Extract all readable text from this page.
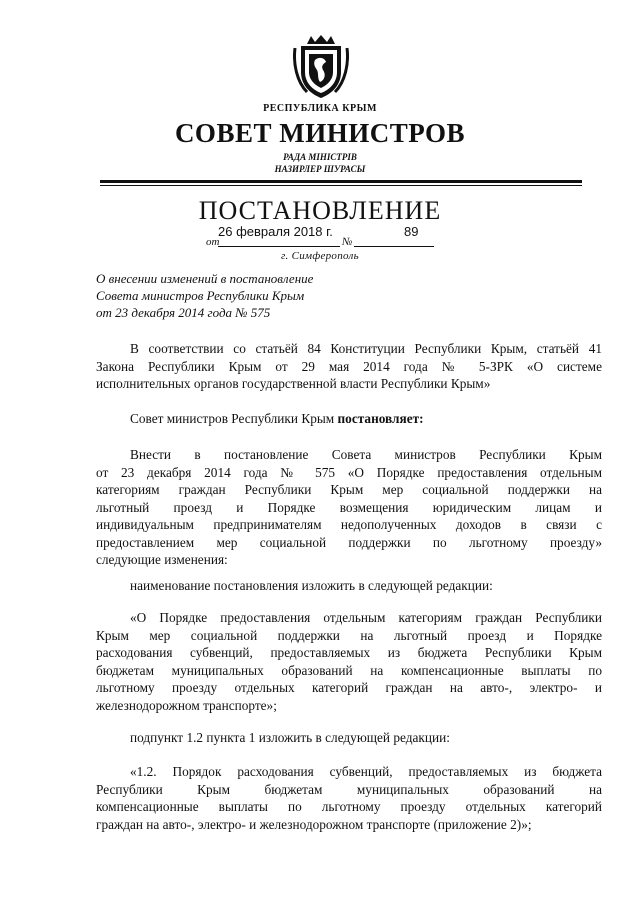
РЕСПУБЛИКА КРЫМ
СОВЕТ МИНИСТРОВ
РАДА МІНІСТРІВ
НАЗИРЛЕР ШУРАСЫ
ПОСТАНОВЛЕНИЕ
26 февраля 2018 г.	89
от	№
г. Симферополь
О внесении изменений в постановление
Совета министров Республики Крым
от 23 декабря 2014 года № 575
В соответствии со статьёй 84 Конституции Республики Крым, статьёй 41
Закона Республики Крым от 29 мая 2014 года № 5-ЗРК «О системе
исполнительных органов государственной власти Республики Крым»
Совет министров Республики Крым постановляет:
Внести в постановление Совета министров Республики Крым
от 23 декабря 2014 года № 575 «О Порядке предоставления отдельным
категориям граждан Республики Крым мер социальной поддержки на
льготный проезд и Порядке возмещения юридическим лицам и
индивидуальным предпринимателям недополученных доходов в связи с
предоставлением мер социальной поддержки по льготному проезду»
следующие изменения:
наименование постановления изложить в следующей редакции:
«О Порядке предоставления отдельным категориям граждан Республики
Крым мер социальной поддержки на льготный проезд и Порядке
расходования субвенций, предоставляемых из бюджета Республики Крым
бюджетам муниципальных образований на компенсационные выплаты по
льготному проезду отдельных категорий граждан на авто-, электро- и
железнодорожном транспорте»;
подпункт 1.2 пункта 1 изложить в следующей редакции:
«1.2. Порядок расходования субвенций, предоставляемых из бюджета
Республики Крым бюджетам муниципальных образований на
компенсационные выплаты по льготному проезду отдельных категорий
граждан на авто-, электро- и железнодорожном транспорте (приложение 2)»;
